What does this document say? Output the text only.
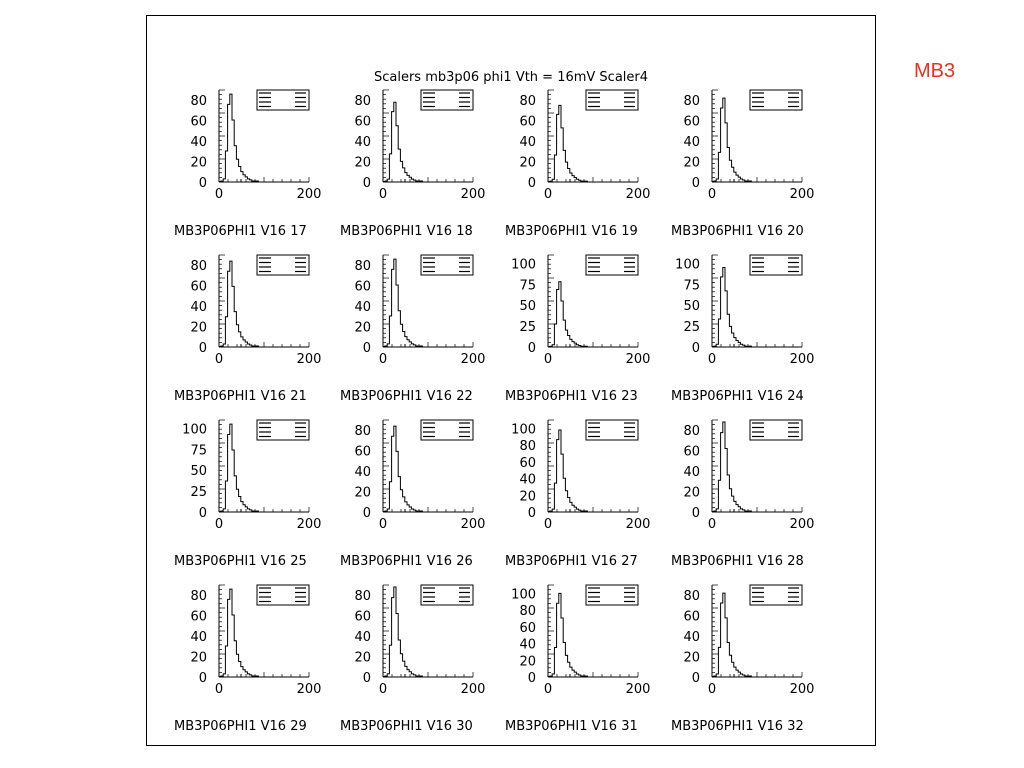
MB3
Scalers mb3p06 phi1 Vth = 16mV Scaler4
0
20
40
60
80
0	200
MB3P06PHI1 V16 17
0
20
40
60
80
0	200
MB3P06PHI1 V16 18
0
20
40
60
80
0	200
MB3P06PHI1 V16 19
0
20
40
60
80
0	200
MB3P06PHI1 V16 20
0
20
40
60
80
0	200
MB3P06PHI1 V16 21
0
20
40
60
80
0	200
MB3P06PHI1 V16 22
0
25
50
75
100
0	200
MB3P06PHI1 V16 23
0
25
50
75
100
0	200
MB3P06PHI1 V16 24
0
25
50
75
100
0	200
MB3P06PHI1 V16 25
0
20
40
60
80
0	200
MB3P06PHI1 V16 26
0
20
40
60
80
100
0	200
MB3P06PHI1 V16 27
0
20
40
60
80
0	200
MB3P06PHI1 V16 28
0
20
40
60
80
0	200
MB3P06PHI1 V16 29
0
20
40
60
80
0	200
MB3P06PHI1 V16 30
0
20
40
60
80
100
0	200
MB3P06PHI1 V16 31
0
20
40
60
80
0	200
MB3P06PHI1 V16 32
